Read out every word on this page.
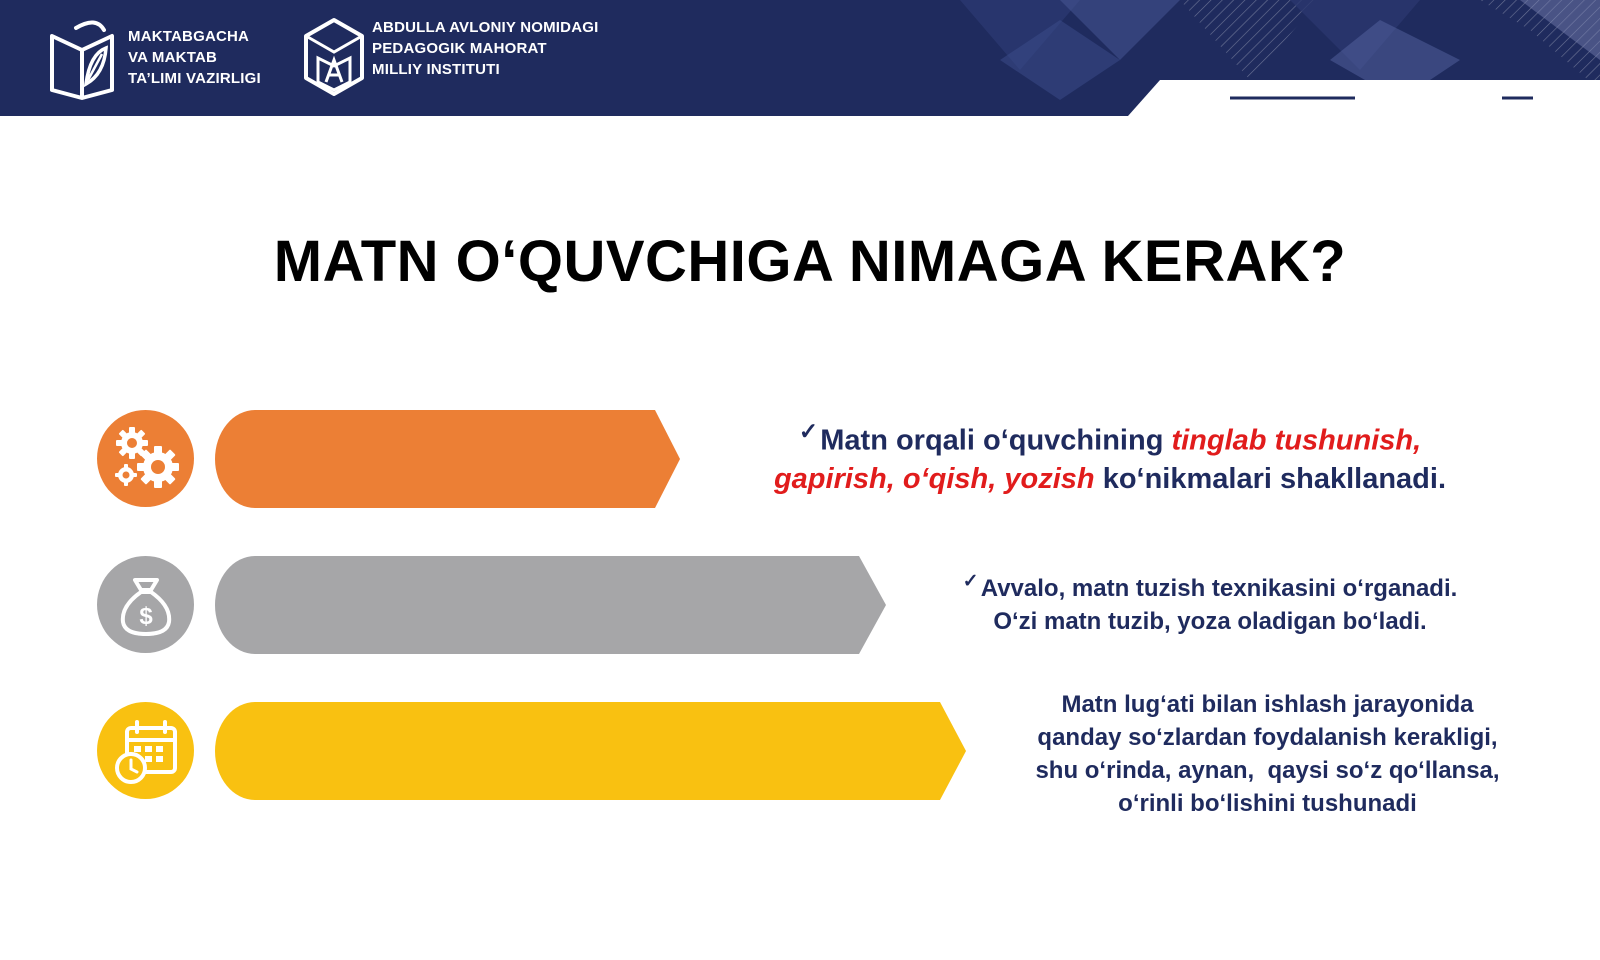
MAKTABGACHA
VA MAKTAB
TA’LIMI VAZIRLIGI
ABDULLA AVLONIY NOMIDAGI
PEDAGOGIK MAHORAT
MILLIY INSTITUTI
MATN O‘QUVCHIGA NIMAGA KERAK?
✓Matn orqali o‘quvchining tinglab tushunish,
gapirish, o‘qish, yozish ko‘nikmalari shakllanadi.
$
✓Avvalo, matn tuzish texnikasini o‘rganadi.
O‘zi matn tuzib, yoza oladigan bo‘ladi.
Matn lug‘ati bilan ishlash jarayonida
qanday so‘zlardan foydalanish kerakligi,
shu o‘rinda, aynan,  qaysi so‘z qo‘llansa,
o‘rinli bo‘lishini tushunadi
